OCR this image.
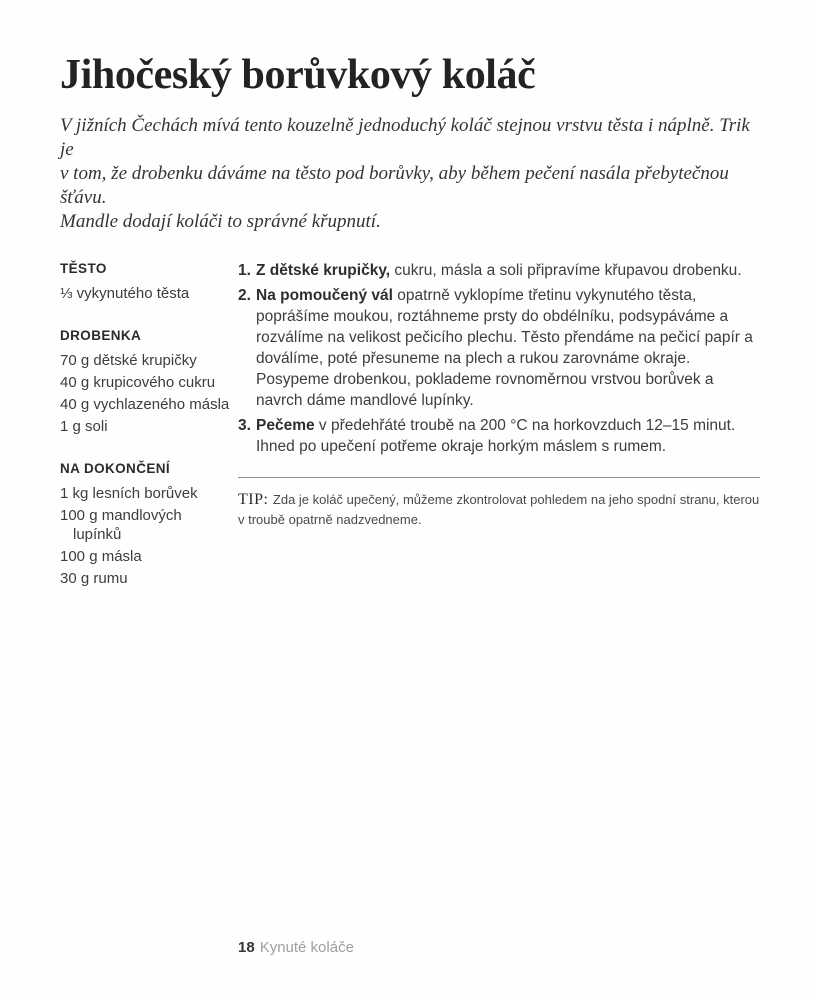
Jihočeský borůvkový koláč

V jižních Čechách mívá tento kouzelně jednoduchý koláč stejnou vrstvu těsta i náplně. Trik je
v tom, že drobenku dáváme na těsto pod borůvky, aby během pečení nasála přebytečnou šťávu.
Mandle dodají koláči to správné křupnutí.

TĚSTO
⅓ vykynutého těsta
DROBENKA
70 g dětské krupičky
40 g krupicového cukru
40 g vychlazeného másla
1 g soli
NA DOKONČENÍ
1 kg lesních borůvek
100 g mandlových
lupínků
100 g másla
30 g rumu
1. Z dětské krupičky, cukru, másla a soli připravíme křupavou drobenku.

2. Na pomoučený vál opatrně vyklopíme třetinu vykynutého těsta, poprášíme moukou, roztáhneme prsty do obdélníku, podsypáváme a rozválíme na velikost pečicího plechu. Těsto přendáme na pečicí papír a doválíme, poté přesuneme na plech a rukou zarovnáme okraje. Posypeme drobenkou, poklademe rovnoměrnou vrstvou borůvek a navrch dáme mandlové lupínky.

3. Pečeme v předehřáté troubě na 200 °C na horkovzduch 12–15 minut. Ihned po upečení potřeme okraje horkým máslem s rumem.

TIP: Zda je koláč upečený, můžeme zkontrolovat pohledem na jeho spodní stranu, kterou v troubě opatrně nadzvedneme.

18 Kynuté koláče
